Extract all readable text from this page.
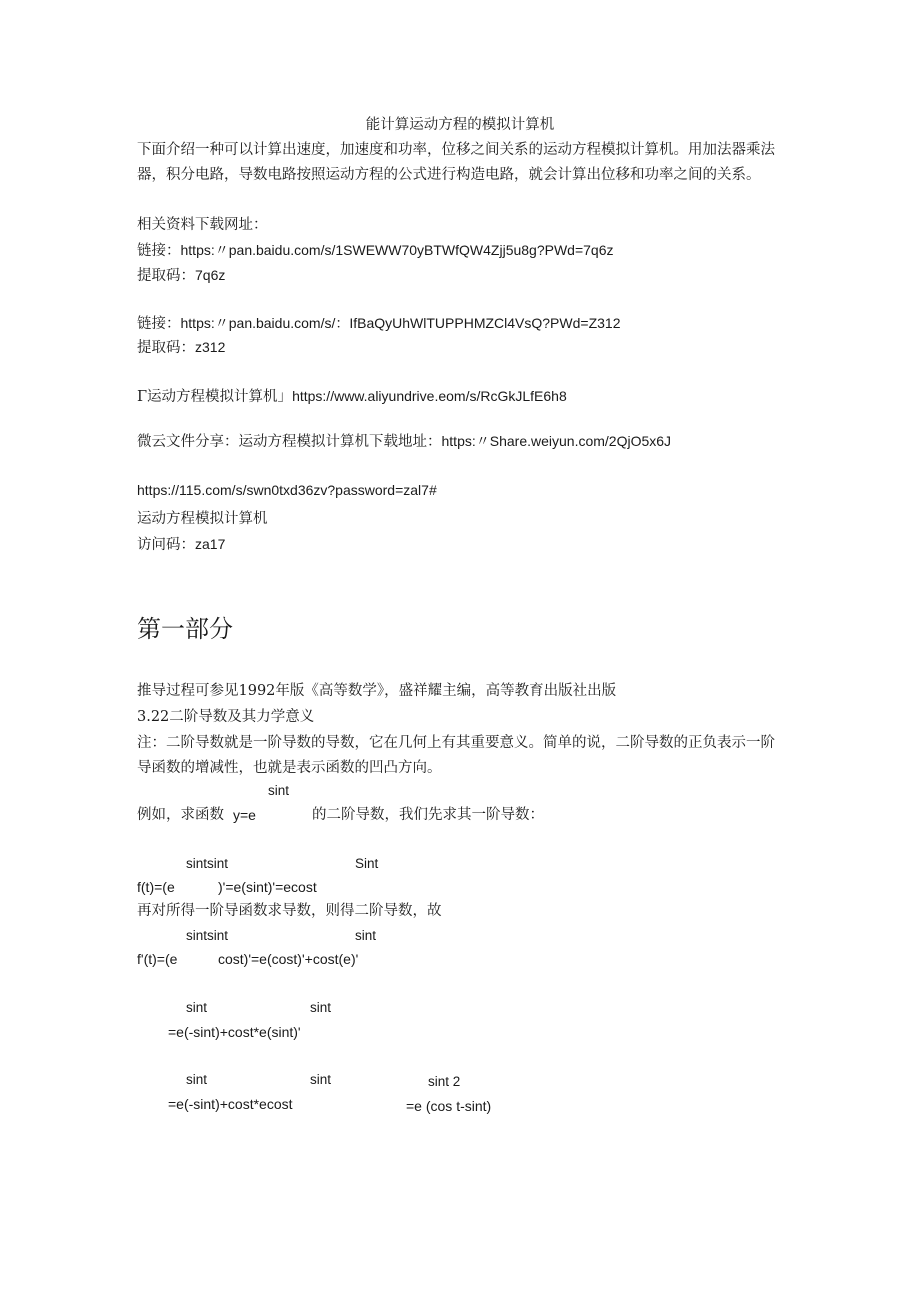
能计算运动方程的模拟计算机
下面介绍一种可以计算出速度，加速度和功率，位移之间关系的运动方程模拟计算机。用加法器乘法器，积分电路，导数电路按照运动方程的公式进行构造电路，就会计算出位移和功率之间的关系。
相关资料下载网址：
链接：https:〃pan.baidu.com/s/1SWEWW70yBTWfQW4Zjj5u8g?PWd=7q6z
提取码：7q6z
链接：https:〃pan.baidu.com/s/：IfBaQyUhWlTUPPHMZCl4VsQ?PWd=Z312
提取码：z312
Γ运动方程模拟计算机」https://www.aliyundrive.eom/s/RcGkJLfE6h8
微云文件分享：运动方程模拟计算机下载地址：https:〃Share.weiyun.com/2QjO5x6J
https://115.com/s/swn0txd36zv?password=zal7#
运动方程模拟计算机
访问码：za17
第一部分
推导过程可参见1992年版《高等数学》，盛祥耀主编，高等教育出版社出版
3.22二阶导数及其力学意义
注：二阶导数就是一阶导数的导数，它在几何上有其重要意义。简单的说，二阶导数的正负表示一阶导函数的增减性，也就是表示函数的凹凸方向。
sint
例如，求函数 y=e	的二阶导数，我们先求其一阶导数：
sintsint	Sint
f(t)=(e	)'=e(sint)'=ecost
再对所得一阶导函数求导数，则得二阶导数，故
sintsint	sint
f'(t)=(e	cost)'=e(cost)'+cost(e)'
sint	sint
=e(-sint)+cost*e(sint)'
sint	sint	sint 2
=e(-sint)+cost*ecost	=e (cos t-sint)
